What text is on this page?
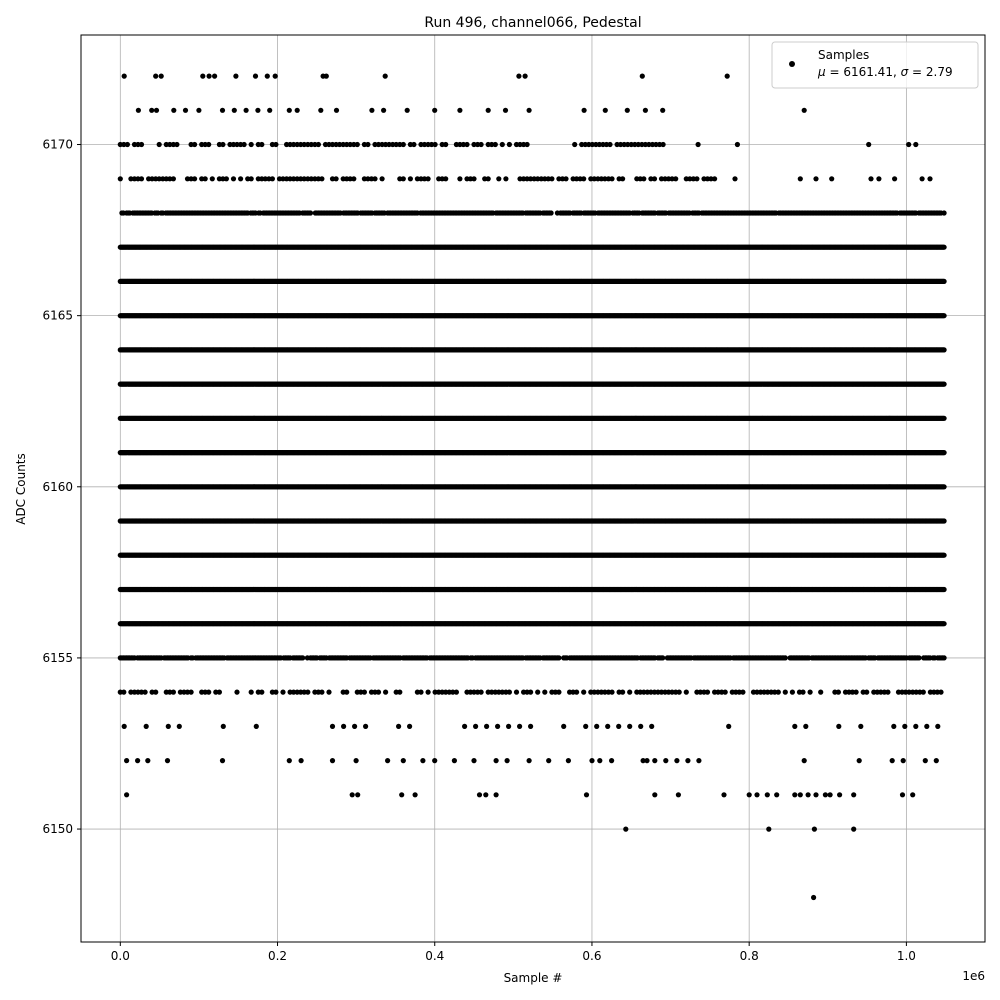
0.0	0.2	0.4	0.6	0.8	1.0
6150
6155
6160
6165
6170
Run 496, channel066, Pedestal
Sample #
ADC Counts
1e6
Samples
μ = 6161.41, σ = 2.79
